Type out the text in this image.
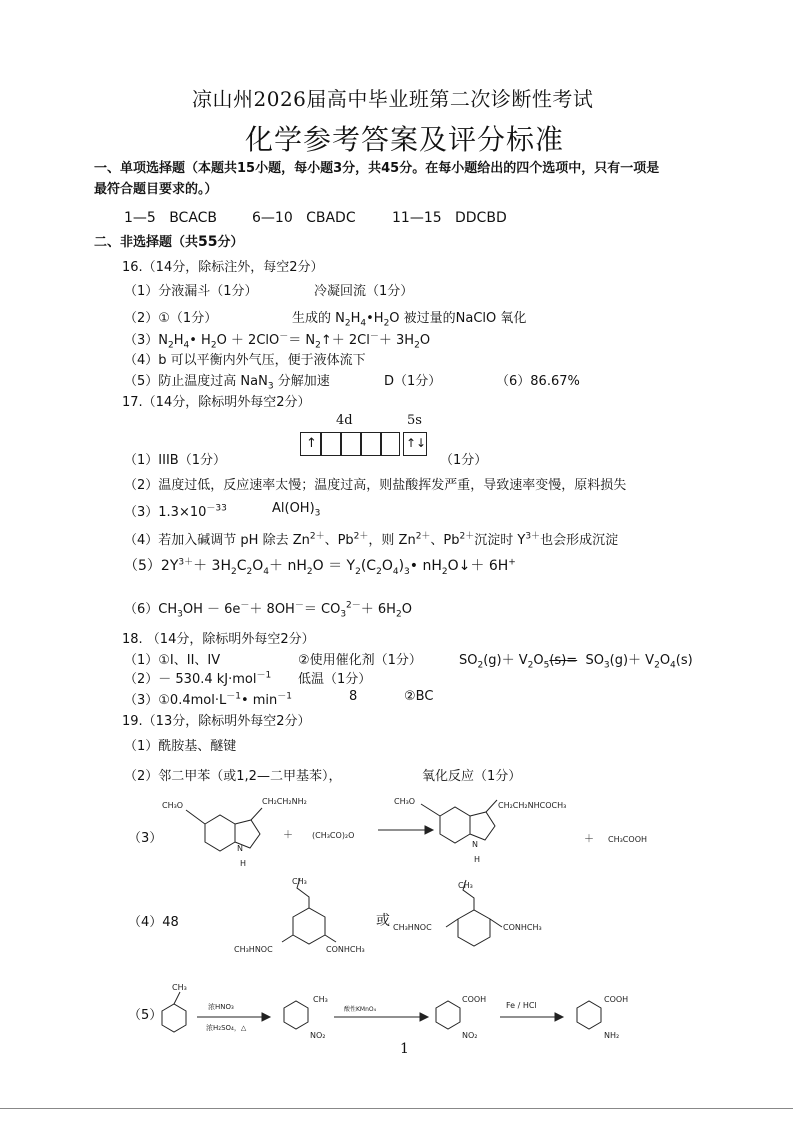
凉山州2026届高中毕业班第二次诊断性考试
化学参考答案及评分标准
一、单项选择题（本题共15小题，每小题3分，共45分。在每小题给出的四个选项中，只有一项是
最符合题目要求的。）
1—5 BCACB 6—10 CBADC	11—15 DDCBD
二、非选择题（共55分）
16.（14分，除标注外，每空2分）
（1）分液漏斗（1分）	冷凝回流（1分）
（2）①（1分）	生成的 $N_2H_4•H_2O$ 被过量的NaClO 氧化
$(3)N_2H_4•$ $H_2O + 2ClO^-=$ $N_2↑+ 2Cl^-+ 3H_2O$
（4）b 可以平衡内外气压，便于液体流下
（5）防止温度过高 NaN$_3$ 分解加速	D（1分）	（6）86.67%
17.（14分，除标明外每空2分）
4d	5s
↑	↑↓
（1）IIIB（1分）	（1分）
（2）温度过低，反应速率太慢；温度过高，则盐酸挥发严重，导致速率变慢，原料损失
$(3)1.3\times 10^{-33}$	$Al(OH)_3$
（4）若加入碱调节 pH 除去 $Zn^{2+}$、$Pb^{2+}$，则 $Zn^{2+}$、$Pb^{2+}$沉淀时 $Y^{3+}$也会形成沉淀
$(5)2Y^{3+}+ 3H_2C_2O_4+ nH_2O$ ＝ $Y_2(C_2O_4)_3•$ $nH_2O↓+ 6H^+$
$(6)CH_3OH - 6e^-+ 8OH^-= CO_3^{2-}+ 6H_2O$
18. （14分，除标明外每空2分）
（1）①I、II、IV	②使用催化剂（1分）	$SO_2(g)+ V_2O_5(s)= SO_3(g)+ V_2O_4(s)$
（2）－ 530.4 kJ·mol$^{-1}$ 低温（1分）
$(3)①0.4mol\cdot L^{-1}•$ $\min^{-1}$	8	②BC
19.（13分，除标明外每空2分）
（1）酰胺基、醚键
（2）邻二甲苯（或1,2—二甲基苯），	氧化反应（1分）
（3）
（4）48	或
（5）
CH₃O	CH₂CH₂NH₂
N
H
＋ (CH₃CO)₂O
CH₃O	CH₂CH₂NHCOCH₃
N
H
＋ CH₃COOH
CH₃
CH₃HNOC	CONHCH₃
CH₃
CH₃HNOC	CONHCH₃
CH₃
浓HNO₃
浓H₂SO₄，△
CH₃
NO₂
酸性KMnO₄
COOH
NO₂
Fe / HCl
COOH
NH₂
1
